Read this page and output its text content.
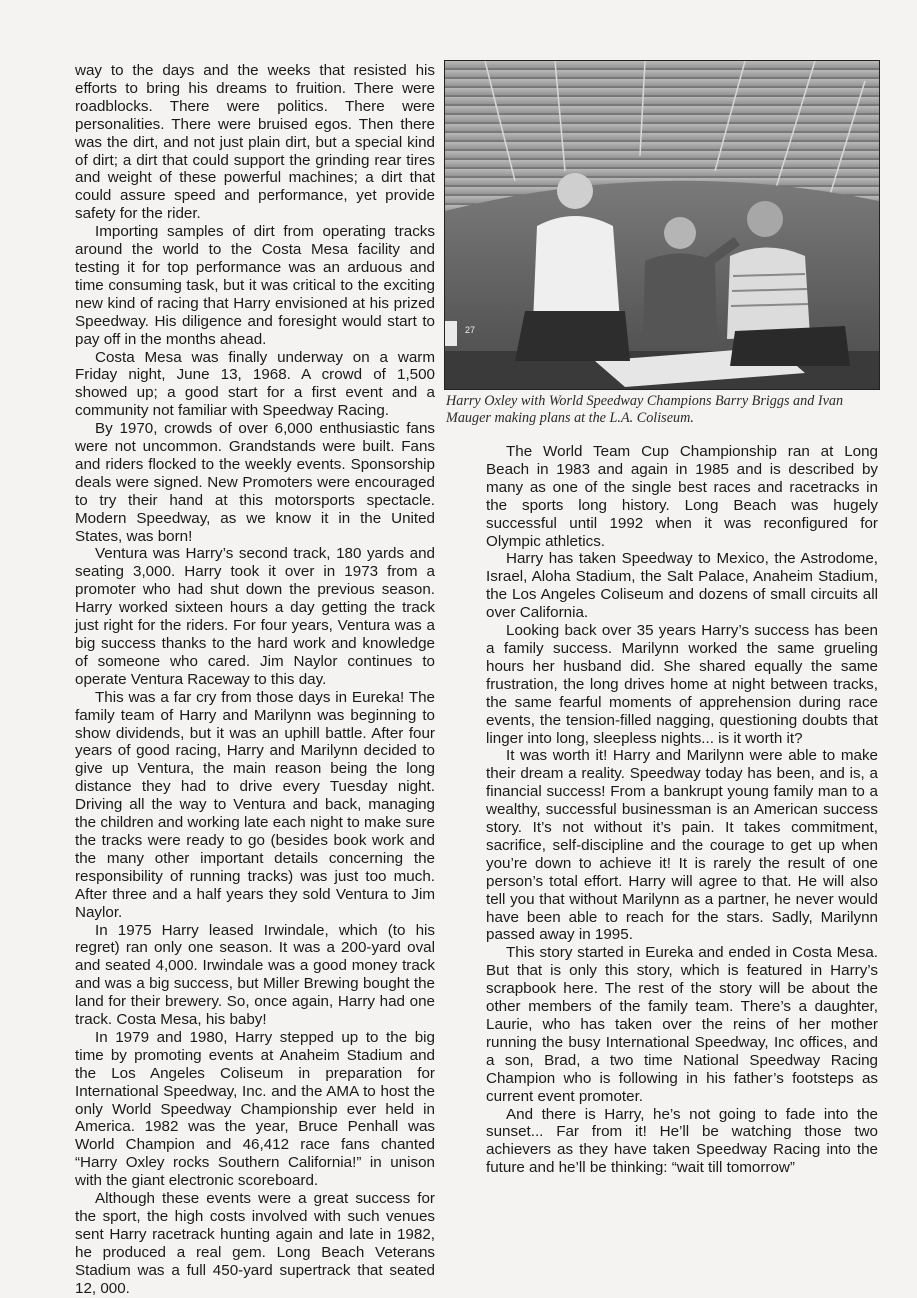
way to the days and the weeks that resisted his efforts to bring his dreams to fruition. There were roadblocks. There were politics. There were personalities. There were bruised egos. Then there was the dirt, and not just plain dirt, but a special kind of dirt; a dirt that could support the grinding rear tires and weight of these powerful machines; a dirt that could assure speed and performance, yet provide safety for the rider.

Importing samples of dirt from operating tracks around the world to the Costa Mesa facility and testing it for top performance was an arduous and time consuming task, but it was critical to the exciting new kind of racing that Harry envisioned at his prized Speedway. His diligence and foresight would start to pay off in the months ahead.

Costa Mesa was finally underway on a warm Friday night, June 13, 1968. A crowd of 1,500 showed up; a good start for a first event and a community not familiar with Speedway Racing.

By 1970, crowds of over 6,000 enthusiastic fans were not uncommon. Grandstands were built. Fans and riders flocked to the weekly events. Sponsorship deals were signed. New Promoters were encouraged to try their hand at this motorsports spectacle. Modern Speedway, as we know it in the United States, was born!

Ventura was Harry’s second track, 180 yards and seating 3,000. Harry took it over in 1973 from a promoter who had shut down the previous season. Harry worked sixteen hours a day getting the track just right for the riders. For four years, Ventura was a big success thanks to the hard work and knowledge of someone who cared. Jim Naylor continues to operate Ventura Raceway to this day.

This was a far cry from those days in Eureka! The family team of Harry and Marilynn was beginning to show dividends, but it was an uphill battle. After four years of good racing, Harry and Marilynn decided to give up Ventura, the main reason being the long distance they had to drive every Tuesday night. Driving all the way to Ventura and back, managing the children and working late each night to make sure the tracks were ready to go (besides book work and the many other important details concerning the responsibility of running tracks) was just too much. After three and a half years they sold Ventura to Jim Naylor.

In 1975 Harry leased Irwindale, which (to his regret) ran only one season. It was a 200-yard oval and seated 4,000. Irwindale was a good money track and was a big success, but Miller Brewing bought the land for their brewery. So, once again, Harry had one track. Costa Mesa, his baby!

In 1979 and 1980, Harry stepped up to the big time by promoting events at Anaheim Stadium and the Los Angeles Coliseum in preparation for International Speedway, Inc. and the AMA to host the only World Speedway Championship ever held in America. 1982 was the year, Bruce Penhall was World Champion and 46,412 race fans chanted “Harry Oxley rocks Southern California!” in unison with the giant electronic scoreboard.

Although these events were a great success for the sport, the high costs involved with such venues sent Harry racetrack hunting again and late in 1982, he produced a real gem. Long Beach Veterans Stadium was a full 450-yard supertrack that seated 12, 000.

27
Harry Oxley with World Speedway Champions Barry Briggs and Ivan Mauger making plans at the L.A. Coliseum.

The World Team Cup Championship ran at Long Beach in 1983 and again in 1985 and is described by many as one of the single best races and racetracks in the sports long history. Long Beach was hugely successful until 1992 when it was reconfigured for Olympic athletics.

Harry has taken Speedway to Mexico, the Astrodome, Israel, Aloha Stadium, the Salt Palace, Anaheim Stadium, the Los Angeles Coliseum and dozens of small circuits all over California.

Looking back over 35 years Harry’s success has been a family success. Marilynn worked the same grueling hours her husband did. She shared equally the same frustration, the long drives home at night between tracks, the same fearful moments of apprehension during race events, the tension-filled nagging, questioning doubts that linger into long, sleepless nights... is it worth it?

It was worth it! Harry and Marilynn were able to make their dream a reality. Speedway today has been, and is, a financial success! From a bankrupt young family man to a wealthy, successful businessman is an American success story. It’s not without it’s pain. It takes commitment, sacrifice, self-discipline and the courage to get up when you’re down to achieve it! It is rarely the result of one person’s total effort. Harry will agree to that. He will also tell you that without Marilynn as a partner, he never would have been able to reach for the stars. Sadly, Marilynn passed away in 1995.

This story started in Eureka and ended in Costa Mesa. But that is only this story, which is featured in Harry’s scrapbook here. The rest of the story will be about the other members of the family team. There’s a daughter, Laurie, who has taken over the reins of her mother running the busy International Speedway, Inc offices, and a son, Brad, a two time National Speedway Racing Champion who is following in his father’s footsteps as current event promoter.

And there is Harry, he’s not going to fade into the sunset... Far from it! He’ll be watching those two achievers as they have taken Speedway Racing into the future and he’ll be thinking: “wait till tomorrow”
